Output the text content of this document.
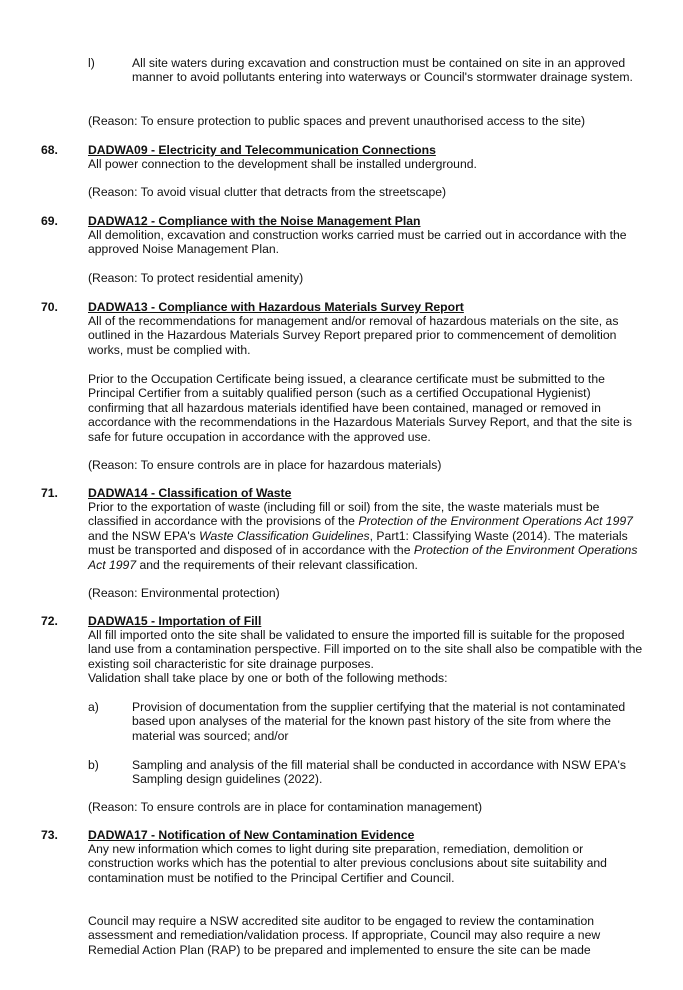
l)	All site waters during excavation and construction must be contained on site in an approved manner to avoid pollutants entering into waterways or Council's stormwater drainage system.

(Reason: To ensure protection to public spaces and prevent unauthorised access to the site)

68. DADWA09 - Electricity and Telecommunication Connections

All power connection to the development shall be installed underground.

(Reason: To avoid visual clutter that detracts from the streetscape)

69. DADWA12 - Compliance with the Noise Management Plan

All demolition, excavation and construction works carried must be carried out in accordance with the approved Noise Management Plan.

(Reason: To protect residential amenity)

70. DADWA13 - Compliance with Hazardous Materials Survey Report

All of the recommendations for management and/or removal of hazardous materials on the site, as outlined in the Hazardous Materials Survey Report prepared prior to commencement of demolition works, must be complied with.

Prior to the Occupation Certificate being issued, a clearance certificate must be submitted to the Principal Certifier from a suitably qualified person (such as a certified Occupational Hygienist) confirming that all hazardous materials identified have been contained, managed or removed in accordance with the recommendations in the Hazardous Materials Survey Report, and that the site is safe for future occupation in accordance with the approved use.

(Reason: To ensure controls are in place for hazardous materials)

71. DADWA14 - Classification of Waste

Prior to the exportation of waste (including fill or soil) from the site, the waste materials must be classified in accordance with the provisions of the Protection of the Environment Operations Act 1997 and the NSW EPA's Waste Classification Guidelines, Part1: Classifying Waste (2014). The materials must be transported and disposed of in accordance with the Protection of the Environment Operations Act 1997 and the requirements of their relevant classification.

(Reason: Environmental protection)

72. DADWA15 - Importation of Fill

All fill imported onto the site shall be validated to ensure the imported fill is suitable for the proposed land use from a contamination perspective. Fill imported on to the site shall also be compatible with the existing soil characteristic for site drainage purposes.

Validation shall take place by one or both of the following methods:

a)	Provision of documentation from the supplier certifying that the material is not contaminated based upon analyses of the material for the known past history of the site from where the material was sourced; and/or

b)	Sampling and analysis of the fill material shall be conducted in accordance with NSW EPA's Sampling design guidelines (2022).

(Reason: To ensure controls are in place for contamination management)

73. DADWA17 - Notification of New Contamination Evidence

Any new information which comes to light during site preparation, remediation, demolition or construction works which has the potential to alter previous conclusions about site suitability and contamination must be notified to the Principal Certifier and Council.

Council may require a NSW accredited site auditor to be engaged to review the contamination assessment and remediation/validation process. If appropriate, Council may also require a new Remedial Action Plan (RAP) to be prepared and implemented to ensure the site can be made
